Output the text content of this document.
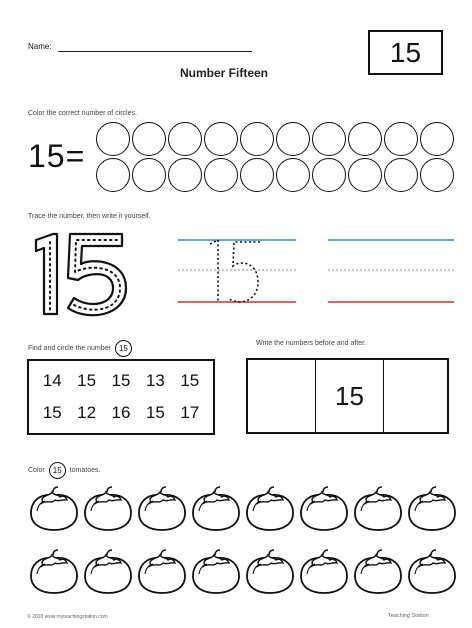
Name:
Number Fifteen
15
Color the correct number of circles.
15=
Trace the number, then write it yourself.
Find and circle the number	15
14 15 15 13 15
15 12 16 15 17
Write the numbers before and after.
15
Color	15	tomatoes.
© 2018 www.myteachingstation.com	Teaching Station
